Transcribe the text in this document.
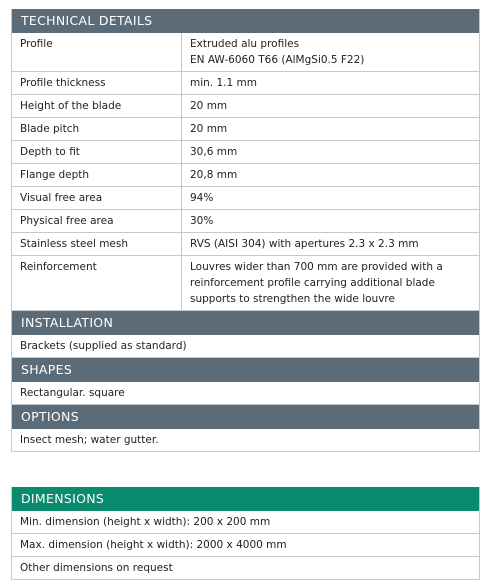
TECHNICAL DETAILS
Profile	Extruded alu profiles
EN AW-6060 T66 (AlMgSi0.5 F22)
Profile thickness	min. 1.1 mm
Height of the blade	20 mm
Blade pitch	20 mm
Depth to fit	30,6 mm
Flange depth	20,8 mm
Visual free area	94%
Physical free area	30%
Stainless steel mesh	RVS (AISI 304) with apertures 2.3 x 2.3 mm
Reinforcement	Louvres wider than 700 mm are provided with a reinforcement profile carrying additional blade supports to strengthen the wide louvre
INSTALLATION
Brackets (supplied as standard)
SHAPES
Rectangular. square
OPTIONS
Insect mesh; water gutter.
DIMENSIONS
Min. dimension (height x width): 200 x 200 mm
Max. dimension (height x width): 2000 x 4000 mm
Other dimensions on request
